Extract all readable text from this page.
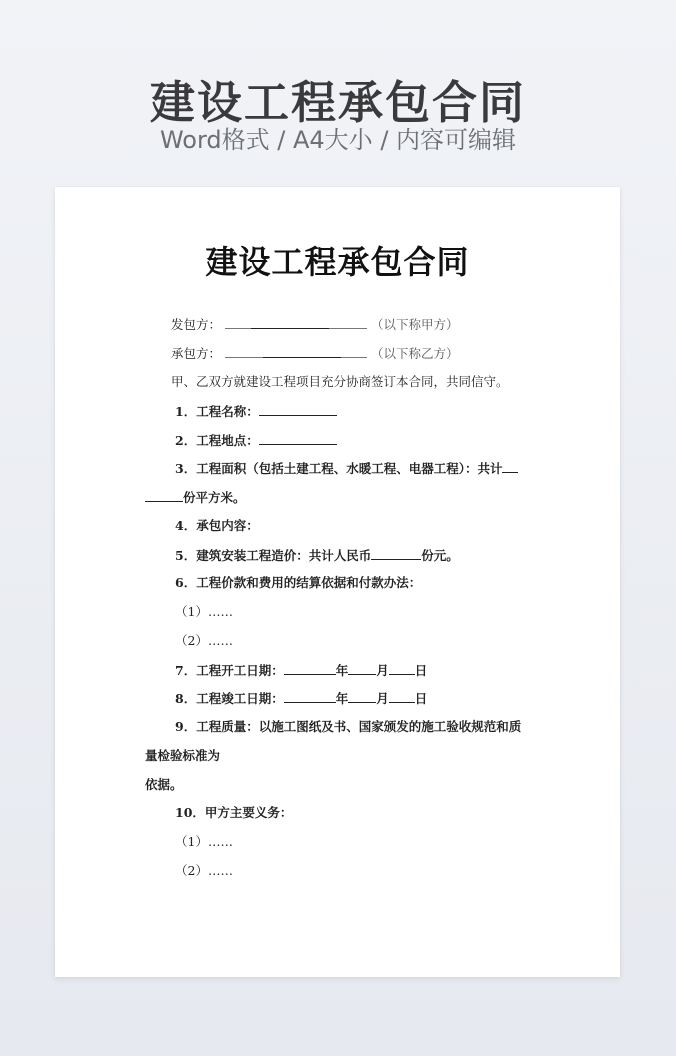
建设工程承包合同
Word格式 / A4大小 / 内容可编辑
建设工程承包合同
发包方：	（以下称甲方）
承包方：	（以下称乙方）
甲、乙双方就建设工程项目充分协商签订本合同，共同信守。
1．工程名称：
2．工程地点：
3．工程面积（包括土建工程、水暖工程、电器工程）：共计
份平方米。
4．承包内容：
5．建筑安装工程造价：共计人民币	份元。
6．工程价款和费用的结算依据和付款办法：
（1）……
（2）……
7．工程开工日期：	年 月 日
8．工程竣工日期：	年 月 日
9．工程质量：以施工图纸及书、国家颁发的施工验收规范和质
量检验标准为
依据。
10．甲方主要义务：
（1）……
（2）……
